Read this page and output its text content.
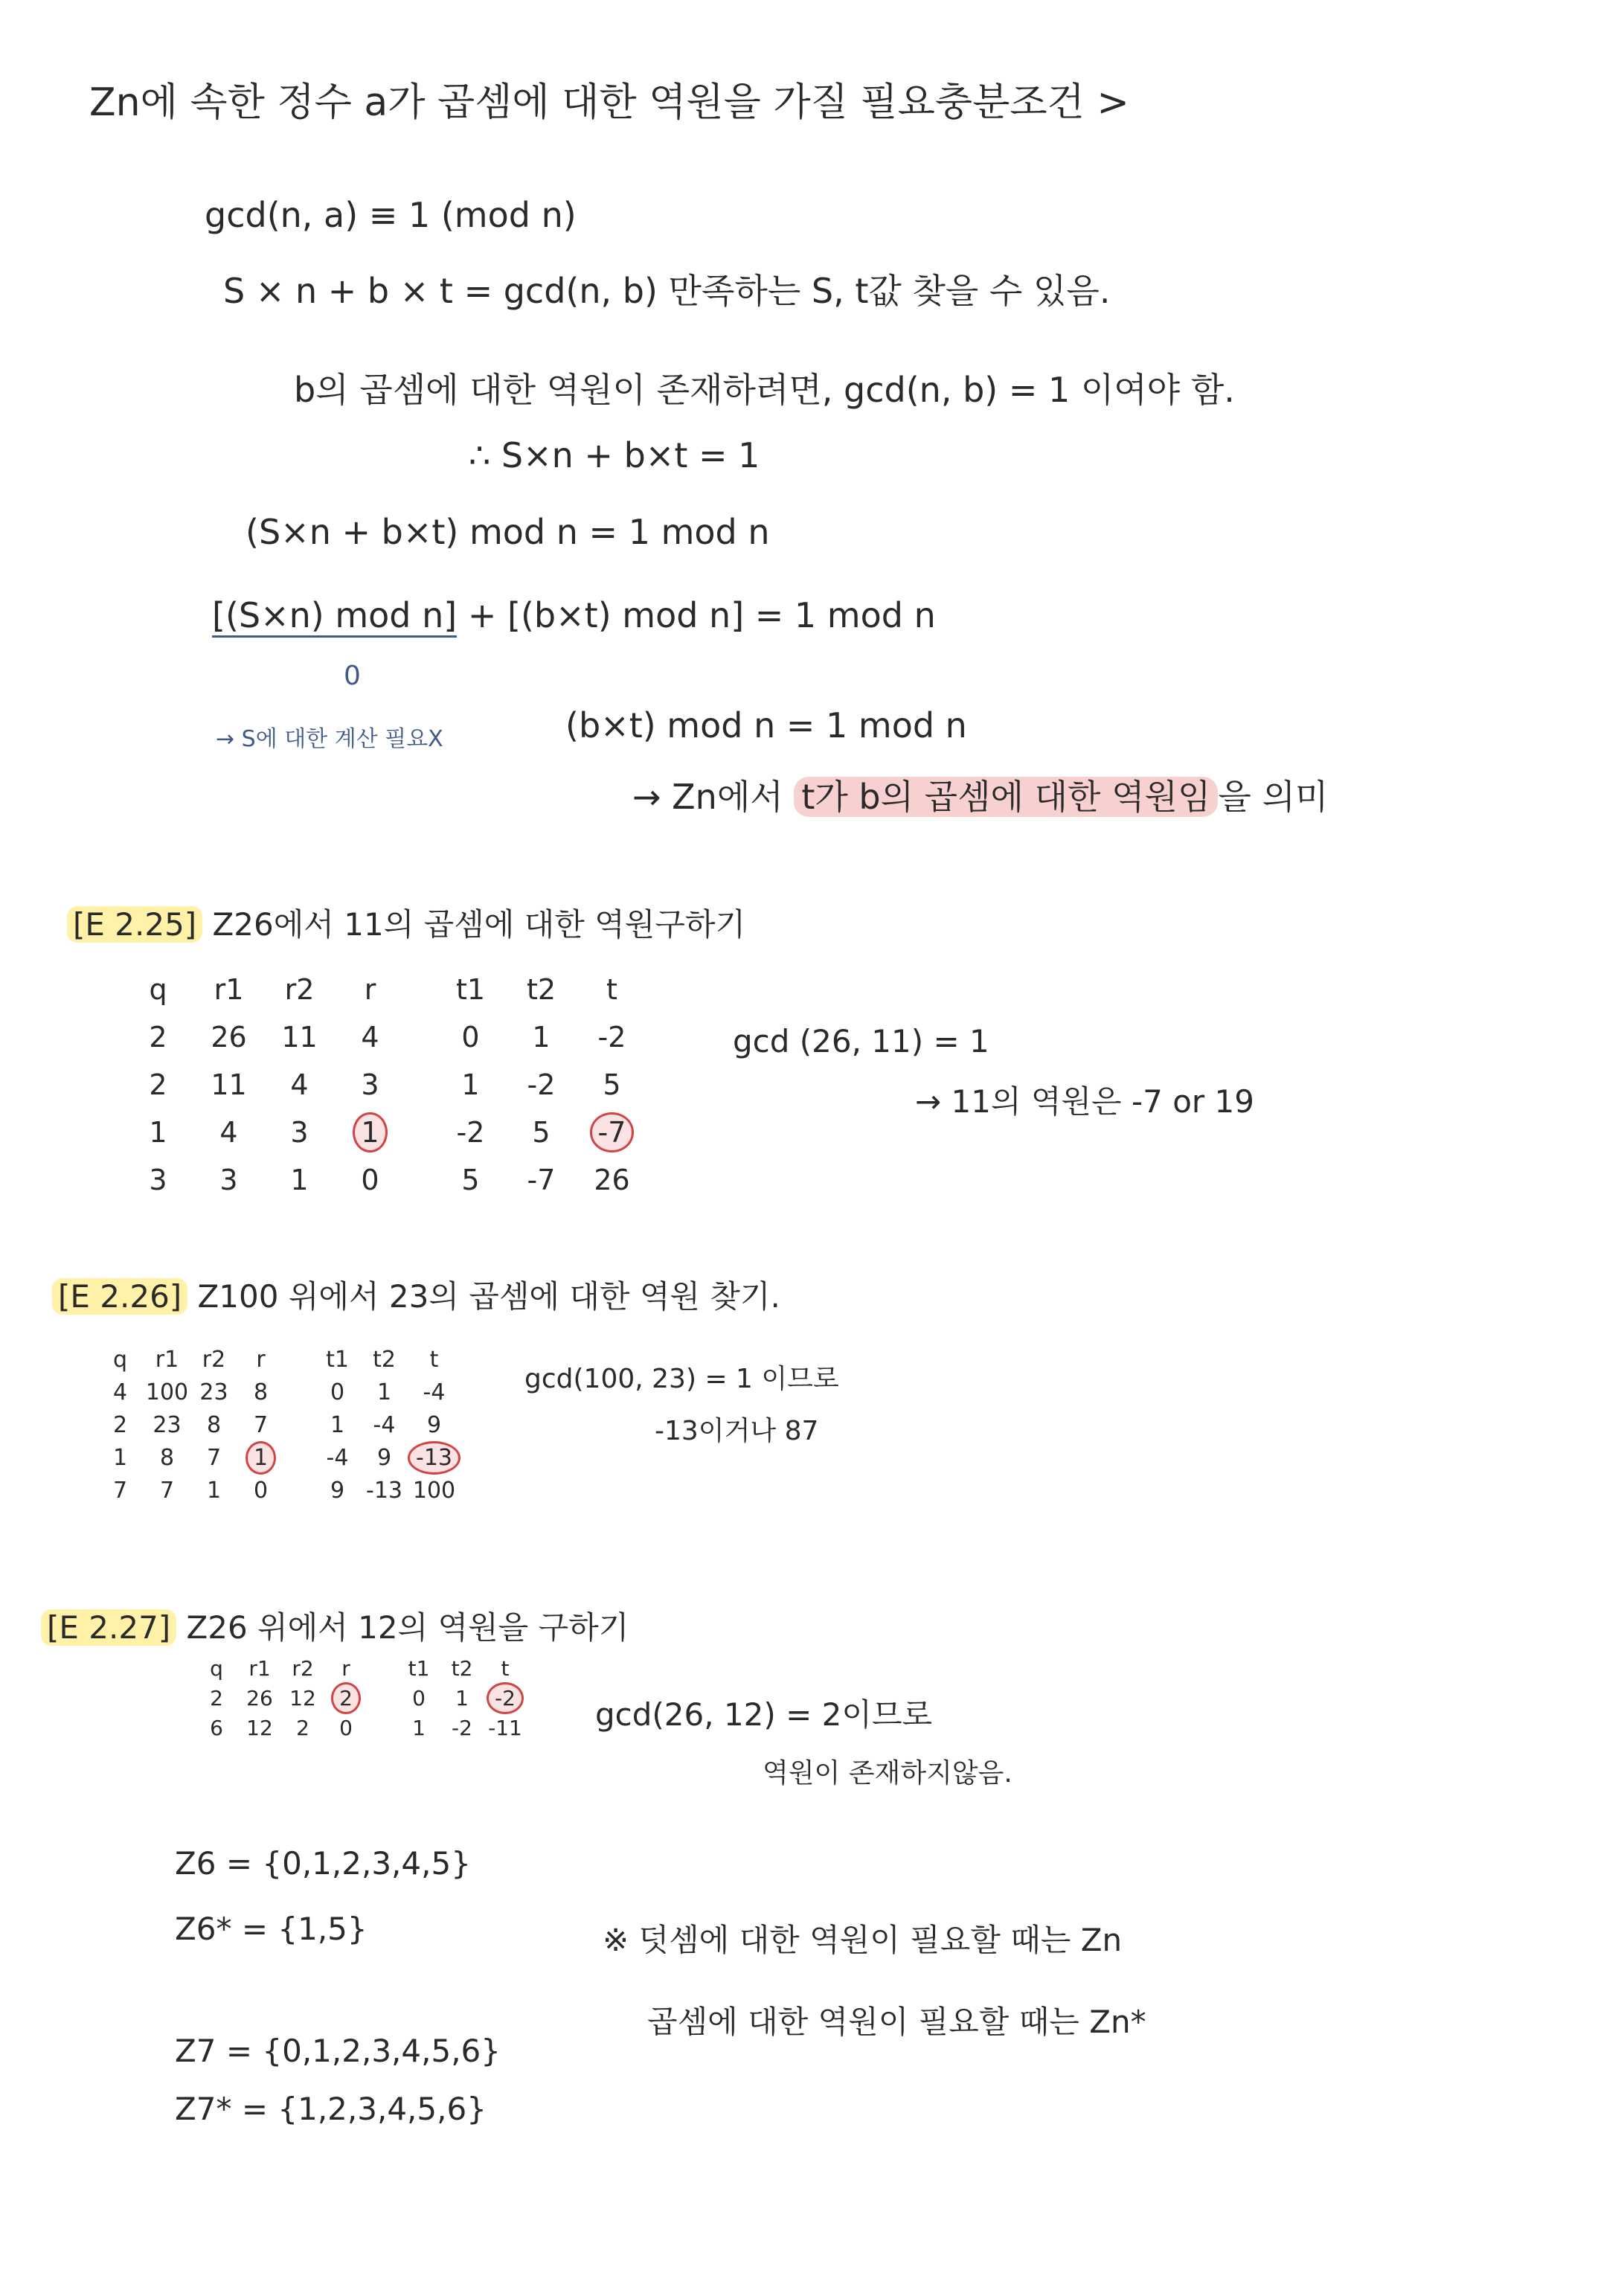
Zn에 속한 정수 a가 곱셈에 대한 역원을 가질 필요충분조건 >
gcd(n, a) ≡ 1 (mod n)
S × n + b × t = gcd(n, b) 만족하는 S, t값 찾을 수 있음.
b의 곱셈에 대한 역원이 존재하려면, gcd(n, b) = 1 이여야 함.
∴ S×n + b×t = 1
(S×n + b×t) mod n = 1 mod n
[(S×n) mod n] + [(b×t) mod n] = 1 mod n
0
→ S에 대한 계산 필요X	(b×t) mod n = 1 mod n
→ Zn에서 t가 b의 곱셈에 대한 역원임 을 의미
[E 2.25] Z26에서 11의 곱셈에 대한 역원구하기
q	r1	r2	r		t1	t2	t
2	26	11	4		0	1	-2
2	11	4	3		1	-2	5
1	4	3	1		-2	5	-7
3	3	1	0		5	-7	26
gcd (26, 11) = 1
→ 11의 역원은 -7 or 19
[E 2.26] Z100 위에서 23의 곱셈에 대한 역원 찾기.
q	r1	r2	r		t1	t2	t
4	100	23	8		0	1	-4
2	23	8	7		1	-4	9
1	8	7	1		-4	9	-13
7	7	1	0		9	-13	100
gcd(100, 23) = 1 이므로
-13이거나 87
[E 2.27] Z26 위에서 12의 역원을 구하기
q	r1	r2	r		t1	t2	t
2	26	12	2		0	1	-2
6	12	2	0		1	-2	-11 gcd(26, 12) = 2이므로
역원이 존재하지않음.
Z6 = {0,1,2,3,4,5}
Z6* = {1,5}
Z7 = {0,1,2,3,4,5,6}
Z7* = {1,2,3,4,5,6}
※ 덧셈에 대한 역원이 필요할 때는 Zn
곱셈에 대한 역원이 필요할 때는 Zn*
